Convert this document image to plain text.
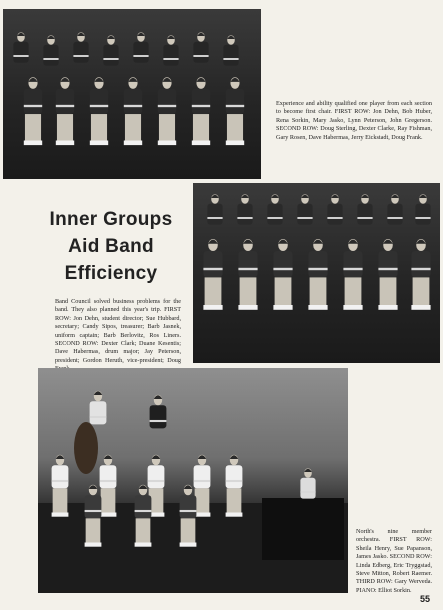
Experience and ability qualified one player from each section to become first chair. FIRST ROW: Jon Dehn, Bob Huber, Rena Sorkin, Mary Jasko, Lynn Peterson, John Gregerson. SECOND ROW: Doug Sterling, Dexter Clarke, Ray Fishman, Gary Rosen, Dave Habermas, Jerry Eickstadt, Doug Frank.

Inner Groups
Aid Band
Efficiency

Band Council solved business problems for the band. They also planned this year's trip. FIRST ROW: Jon Dehn, student director; Sue Hubbard, secretary; Candy Sipos, treasurer; Barb Jasnek, uniform captain; Barb Berlovitz, Ros Liners. SECOND ROW: Dexter Clark; Duane Kesentis; Dave Habermas, drum major; Jay Peterson, president; Gordon Heruth, vice-president; Doug

North's nine member orchestra. FIRST ROW: Sheila Henry, Sue Papanson, James Jasko. SECOND ROW: Linda Edberg, Eric Tryggstad, Steve Mitton, Robert Raemer. THIRD ROW: Gary Werveda. PIANO: Elliot Sorkin.

55
